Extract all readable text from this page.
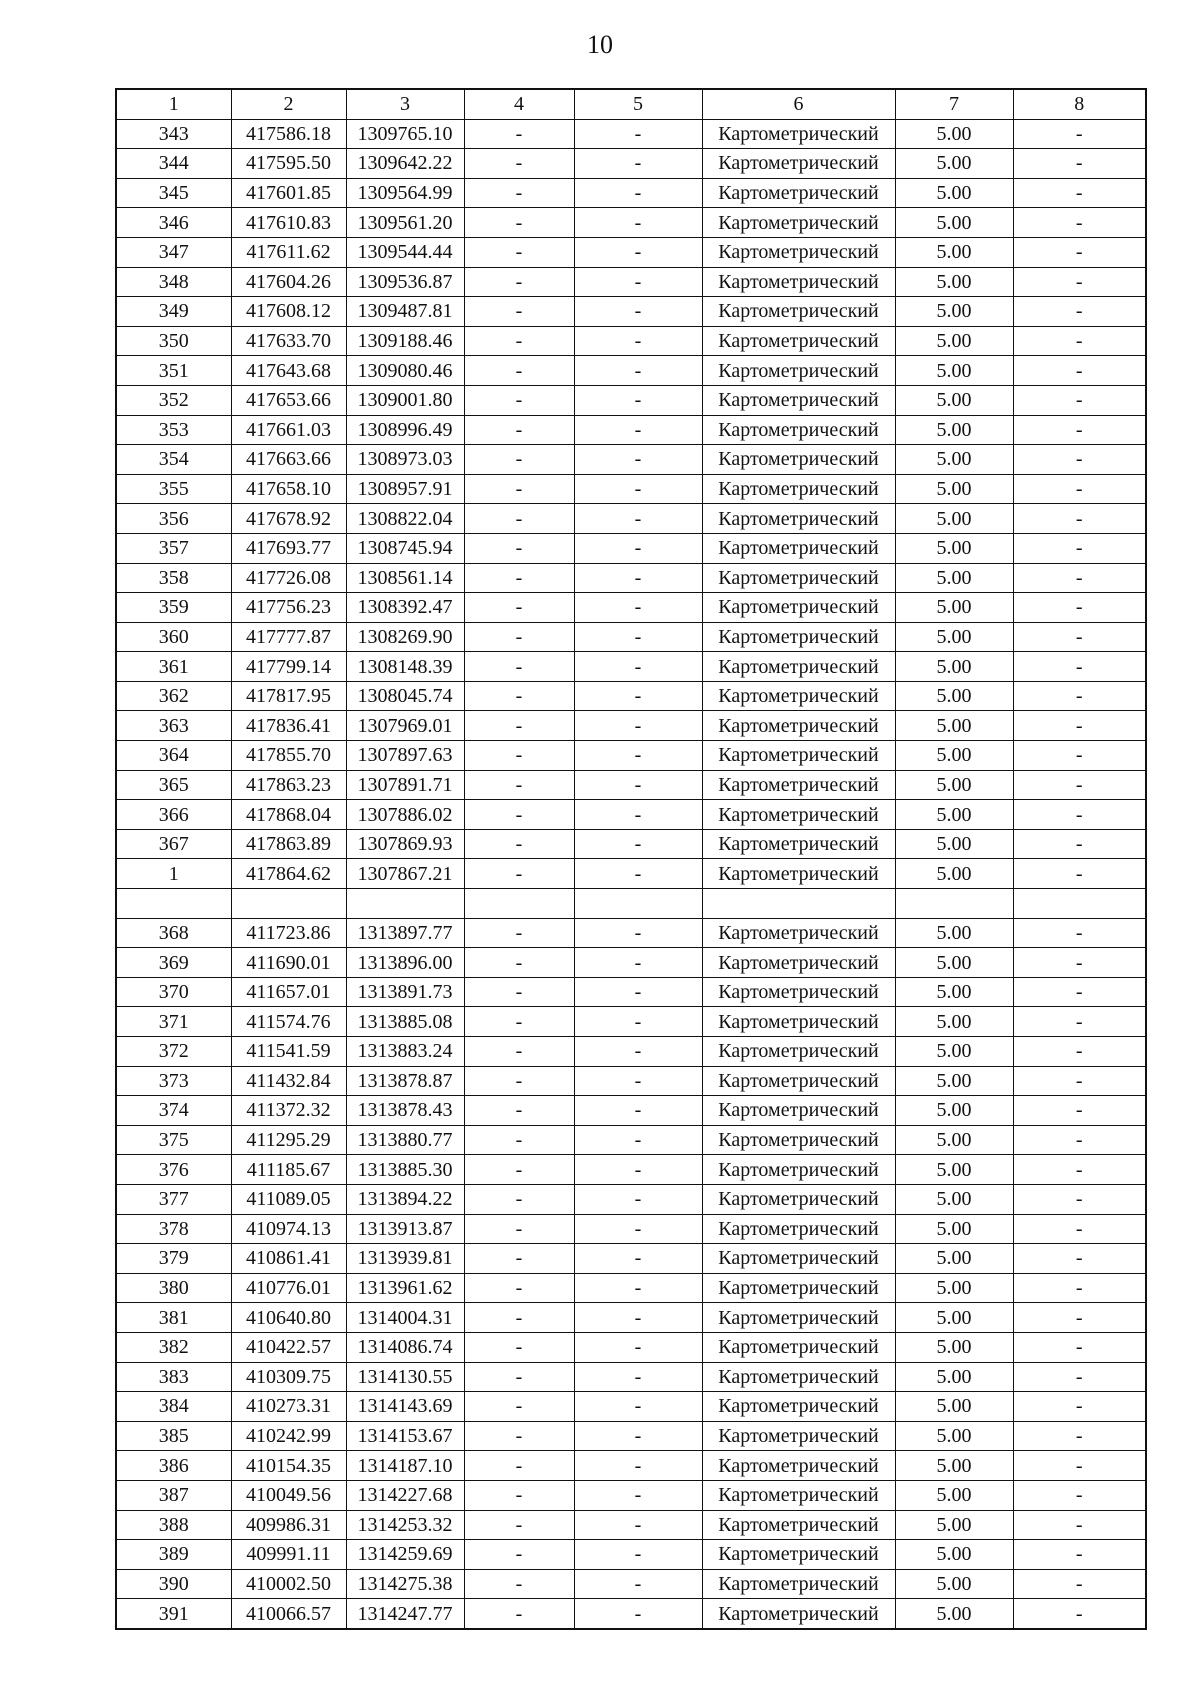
10
1	2	3	4	5	6	7	8
343	417586.18	1309765.10	-	-	Картометрический	5.00	-
344	417595.50	1309642.22	-	-	Картометрический	5.00	-
345	417601.85	1309564.99	-	-	Картометрический	5.00	-
346	417610.83	1309561.20	-	-	Картометрический	5.00	-
347	417611.62	1309544.44	-	-	Картометрический	5.00	-
348	417604.26	1309536.87	-	-	Картометрический	5.00	-
349	417608.12	1309487.81	-	-	Картометрический	5.00	-
350	417633.70	1309188.46	-	-	Картометрический	5.00	-
351	417643.68	1309080.46	-	-	Картометрический	5.00	-
352	417653.66	1309001.80	-	-	Картометрический	5.00	-
353	417661.03	1308996.49	-	-	Картометрический	5.00	-
354	417663.66	1308973.03	-	-	Картометрический	5.00	-
355	417658.10	1308957.91	-	-	Картометрический	5.00	-
356	417678.92	1308822.04	-	-	Картометрический	5.00	-
357	417693.77	1308745.94	-	-	Картометрический	5.00	-
358	417726.08	1308561.14	-	-	Картометрический	5.00	-
359	417756.23	1308392.47	-	-	Картометрический	5.00	-
360	417777.87	1308269.90	-	-	Картометрический	5.00	-
361	417799.14	1308148.39	-	-	Картометрический	5.00	-
362	417817.95	1308045.74	-	-	Картометрический	5.00	-
363	417836.41	1307969.01	-	-	Картометрический	5.00	-
364	417855.70	1307897.63	-	-	Картометрический	5.00	-
365	417863.23	1307891.71	-	-	Картометрический	5.00	-
366	417868.04	1307886.02	-	-	Картометрический	5.00	-
367	417863.89	1307869.93	-	-	Картометрический	5.00	-
1	417864.62	1307867.21	-	-	Картометрический	5.00	-

368	411723.86	1313897.77	-	-	Картометрический	5.00	-
369	411690.01	1313896.00	-	-	Картометрический	5.00	-
370	411657.01	1313891.73	-	-	Картометрический	5.00	-
371	411574.76	1313885.08	-	-	Картометрический	5.00	-
372	411541.59	1313883.24	-	-	Картометрический	5.00	-
373	411432.84	1313878.87	-	-	Картометрический	5.00	-
374	411372.32	1313878.43	-	-	Картометрический	5.00	-
375	411295.29	1313880.77	-	-	Картометрический	5.00	-
376	411185.67	1313885.30	-	-	Картометрический	5.00	-
377	411089.05	1313894.22	-	-	Картометрический	5.00	-
378	410974.13	1313913.87	-	-	Картометрический	5.00	-
379	410861.41	1313939.81	-	-	Картометрический	5.00	-
380	410776.01	1313961.62	-	-	Картометрический	5.00	-
381	410640.80	1314004.31	-	-	Картометрический	5.00	-
382	410422.57	1314086.74	-	-	Картометрический	5.00	-
383	410309.75	1314130.55	-	-	Картометрический	5.00	-
384	410273.31	1314143.69	-	-	Картометрический	5.00	-
385	410242.99	1314153.67	-	-	Картометрический	5.00	-
386	410154.35	1314187.10	-	-	Картометрический	5.00	-
387	410049.56	1314227.68	-	-	Картометрический	5.00	-
388	409986.31	1314253.32	-	-	Картометрический	5.00	-
389	409991.11	1314259.69	-	-	Картометрический	5.00	-
390	410002.50	1314275.38	-	-	Картометрический	5.00	-
391	410066.57	1314247.77	-	-	Картометрический	5.00	-
